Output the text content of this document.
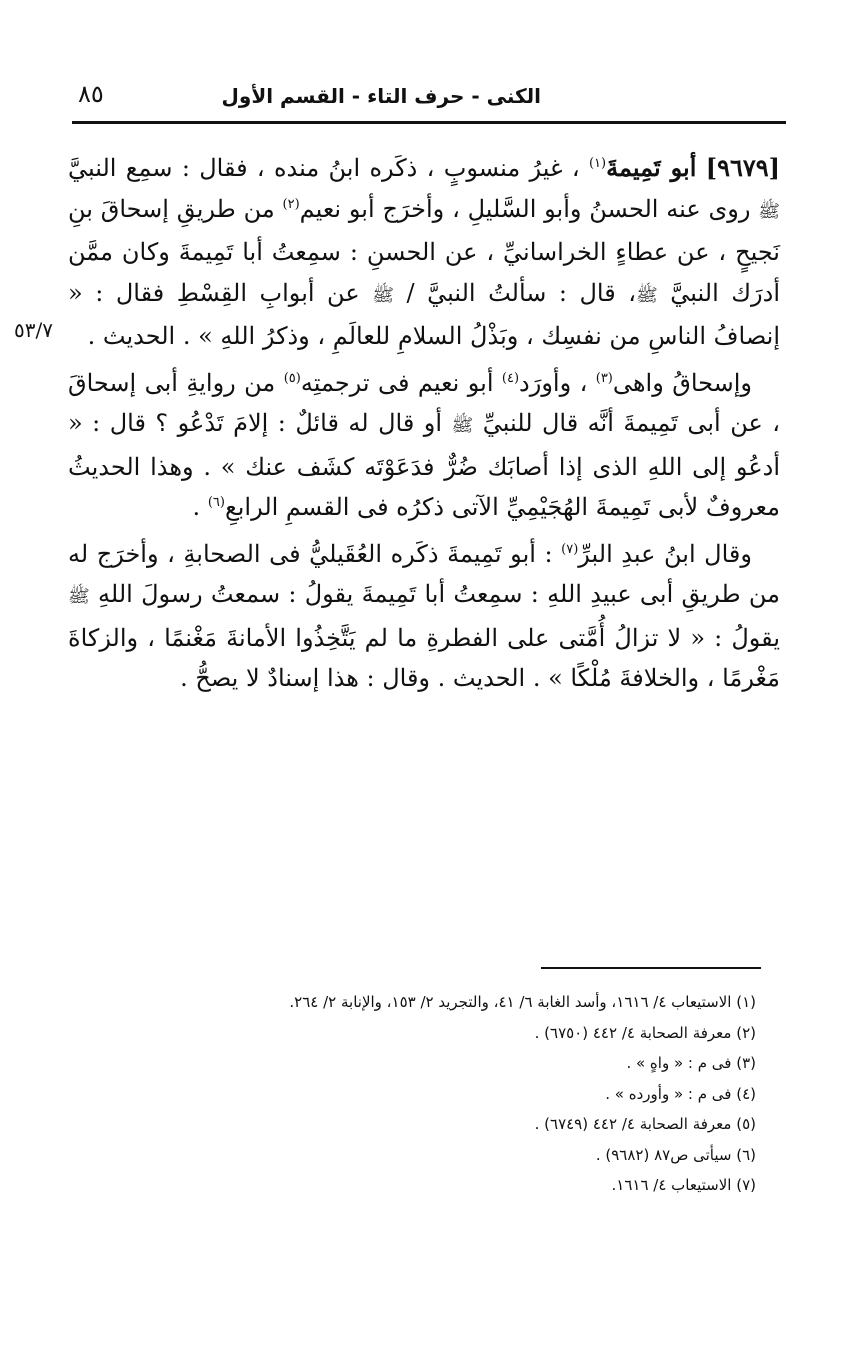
الكنى - حرف التاء - القسم الأول
٨٥
٥٣/٧

[٩٦٧٩] أبو تَمِيمةَ$^{(١)}$ ، غيرُ منسوبٍ ، ذكَره ابنُ منده ، فقال : سمِع النبيَّ ﷺ روى عنه الحسنُ وأبو السَّليلِ ، وأخرَج أبو نعيم$^{(٢)}$ من طريقِ إسحاقَ بنِ نَجيحٍ ، عن عطاءٍ الخراسانيِّ ، عن الحسنِ : سمِعتُ أبا تَمِيمةَ وكان ممَّن أدرَك النبيَّ ﷺ، قال : سألتُ النبيَّ / ﷺ عن أبوابِ القِسْطِ فقال : « إنصافُ الناسِ من نفسِك ، وبَذْلُ السلامِ للعالَمِ ، وذكرُ اللهِ » . الحديث .

وإسحاقُ واهى$^{(٣)}$ ، وأورَد$^{(٤)}$ أبو نعيم فى ترجمتِه$^{(٥)}$ من روايةِ أبى إسحاقَ ، عن أبى تَمِيمةَ أنَّه قال للنبيِّ ﷺ أو قال له قائلٌ : إلامَ تَدْعُو ؟ قال : « أدعُو إلى اللهِ الذى إذا أصابَك ضُرٌّ فدَعَوْتَه كشَف عنك » . وهذا الحديثُ معروفٌ لأبى تَمِيمةَ الهُجَيْمِيِّ الآتى ذكرُه فى القسمِ الرابعِ$^{(٦)}$ .

وقال ابنُ عبدِ البرِّ$^{(٧)}$ : أبو تَمِيمةَ ذكَره العُقَيليُّ فى الصحابةِ ، وأخرَج له من طريقِ أبى عبيدِ اللهِ : سمِعتُ أبا تَمِيمةَ يقولُ : سمعتُ رسولَ اللهِ ﷺ يقولُ : « لا تزالُ أُمَّتى على الفطرةِ ما لم يَتَّخِذُوا الأمانةَ مَغْنمًا ، والزكاةَ مَغْرمًا ، والخلافةَ مُلْكًا » . الحديث . وقال : هذا إسنادٌ لا يصحُّ .

(١) الاستيعاب ٤/ ١٦١٦، وأسد الغابة ٦/ ٤١، والتجريد ٢/ ١٥٣، والإنابة ٢/ ٢٦٤.
(٢) معرفة الصحابة ٤/ ٤٤٢ (٦٧٥٠) .
(٣) فى م : « واهٍ » .
(٤) فى م : « وأورده » .
(٥) معرفة الصحابة ٤/ ٤٤٢ (٦٧٤٩) .
(٦) سيأتى ص٨٧ (٩٦٨٢) .
(٧) الاستيعاب ٤/ ١٦١٦.
